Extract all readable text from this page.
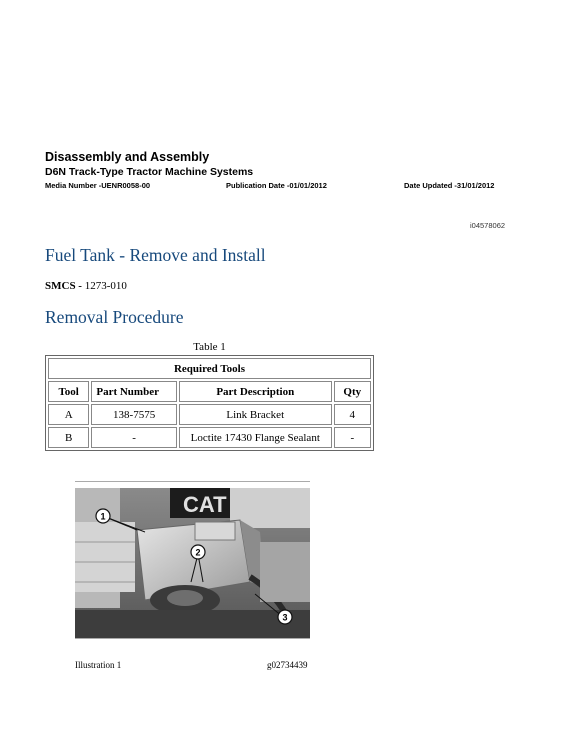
Disassembly and Assembly
D6N Track-Type Tractor Machine Systems
Media Number -UENR0058-00	Publication Date -01/01/2012	Date Updated -31/01/2012
i04578062
Fuel Tank - Remove and Install
SMCS - 1273-010
Removal Procedure
Table 1
Required Tools			
Tool	Part Number	Part Description	Qty
A	138-7575	Link Bracket	4
B	-	Loctite 17430 Flange Sealant	-
CAT
1
2
3
Illustration 1	g02734439
